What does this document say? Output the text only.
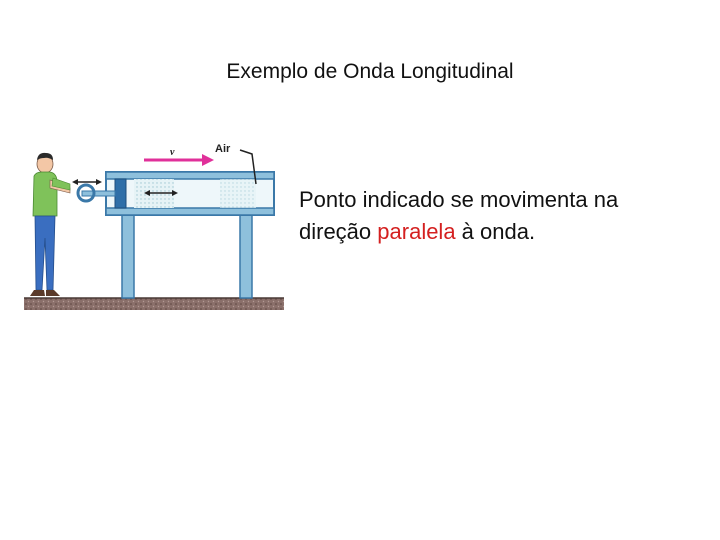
Exemplo de Onda Longitudinal
v	Air
Ponto indicado se movimenta na
direção paralela à onda.
